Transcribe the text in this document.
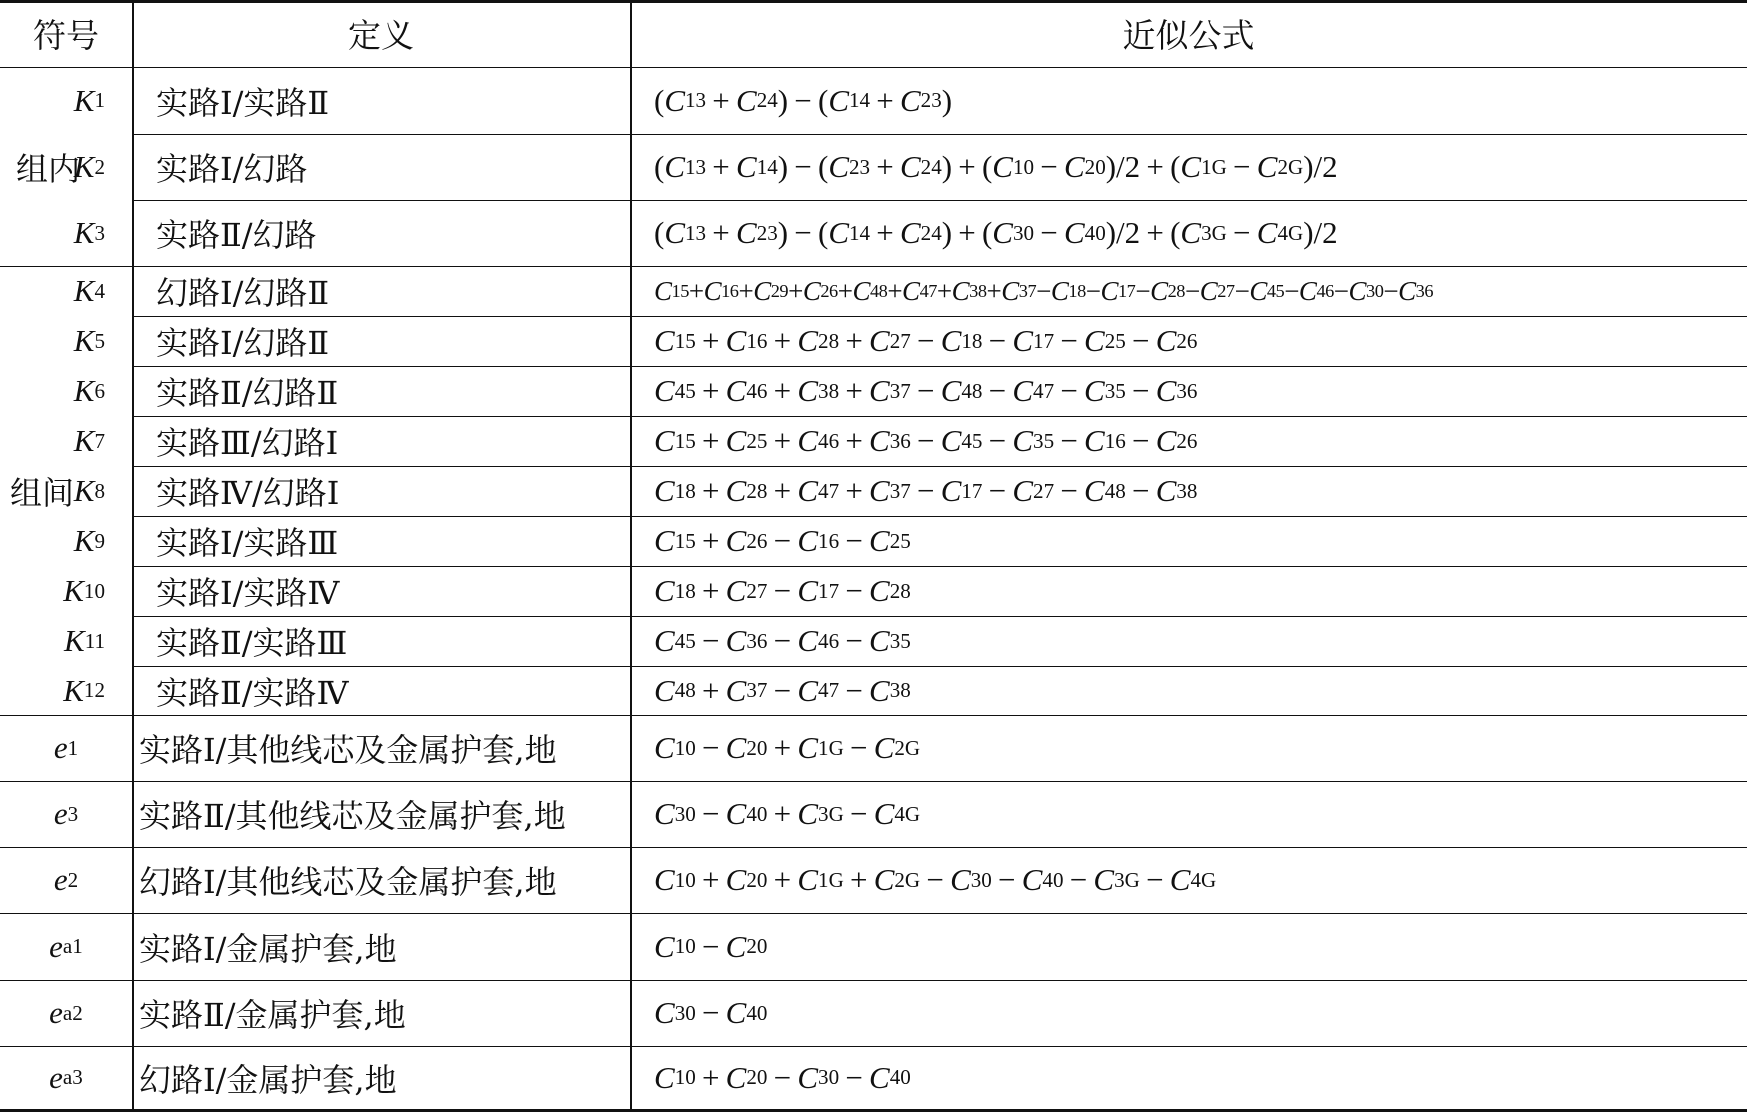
符号	定义	近似公式
组内
组间
K 1 实路Ⅰ/实路Ⅱ	( C 13  +  C 24 ) − ( C 14  +  C 23 )
K 2 实路Ⅰ/幻路	( C 13  +  C 14 ) − ( C 23  +  C 24 ) + ( C 10  −  C 20 )/2 + ( C 1G  −  C 2G )/2
K 3 实路Ⅱ/幻路	( C 13  +  C 23 ) − ( C 14  +  C 24 ) + ( C 30  −  C 40 )/2 + ( C 3G  −  C 4G )/2
K 4 幻路Ⅰ/幻路Ⅱ	C 15 + C 16 + C 29 + C 26 + C 48 + C 47 + C 38 + C 37 − C 18 − C 17 − C 28 − C 27 − C 45 − C 46 − C 30 − C 36
K 5 实路Ⅰ/幻路Ⅱ	C 15  +  C 16  +  C 28  +  C 27  −  C 18  −  C 17  −  C 25  −  C 26
K 6 实路Ⅱ/幻路Ⅱ	C 45  +  C 46  +  C 38  +  C 37  −  C 48  −  C 47  −  C 35  −  C 36
K 7 实路Ⅲ/幻路Ⅰ	C 15  +  C 25  +  C 46  +  C 36  −  C 45  −  C 35  −  C 16  −  C 26
K 8 实路Ⅳ/幻路Ⅰ	C 18  +  C 28  +  C 47  +  C 37  −  C 17  −  C 27  −  C 48  −  C 38
K 9 实路Ⅰ/实路Ⅲ	C 15  +  C 26  −  C 16  −  C 25
K 10 实路Ⅰ/实路Ⅳ	C 18  +  C 27  −  C 17  −  C 28
K 11 实路Ⅱ/实路Ⅲ	C 45  −  C 36  −  C 46  −  C 35
K 12 实路Ⅱ/实路Ⅳ	C 48  +  C 37  −  C 47  −  C 38
e 1 实路Ⅰ/其他线芯及金属护套,地	C 10  −  C 20  +  C 1G  −  C 2G
e 3 实路Ⅱ/其他线芯及金属护套,地	C 30  −  C 40  +  C 3G  −  C 4G
e 2 幻路Ⅰ/其他线芯及金属护套,地	C 10  +  C 20  +  C 1G  +  C 2G  −  C 30  −  C 40  −  C 3G  −  C 4G
e a1 实路Ⅰ/金属护套,地	C 10  −  C 20
e a2 实路Ⅱ/金属护套,地	C 30  −  C 40
e a3 幻路Ⅰ/金属护套,地	C 10  +  C 20  −  C 30  −  C 40
